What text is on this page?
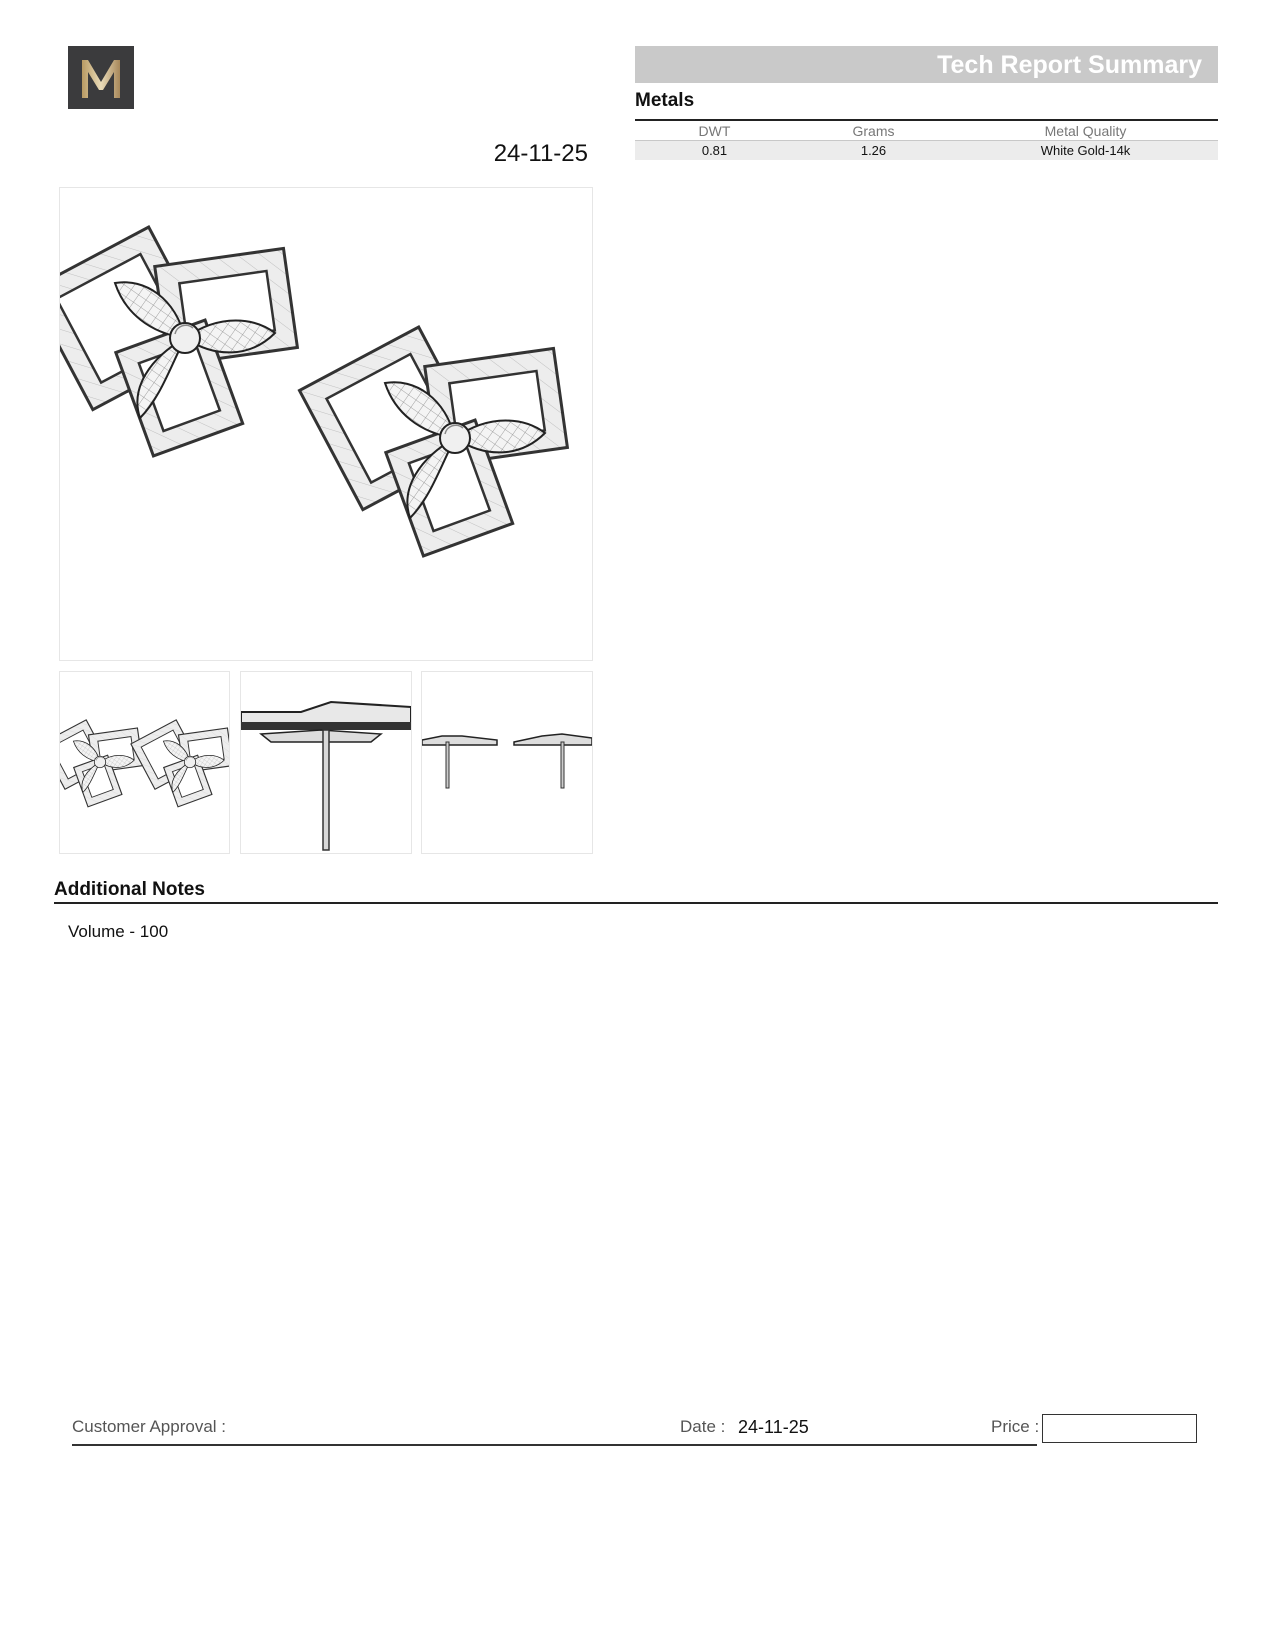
24-11-25
Tech Report Summary
Metals
DWT	Grams	Metal Quality
0.81	1.26	White Gold-14k
Additional Notes
Volume - 100
Customer Approval :	Date : 24-11-25	Price :
